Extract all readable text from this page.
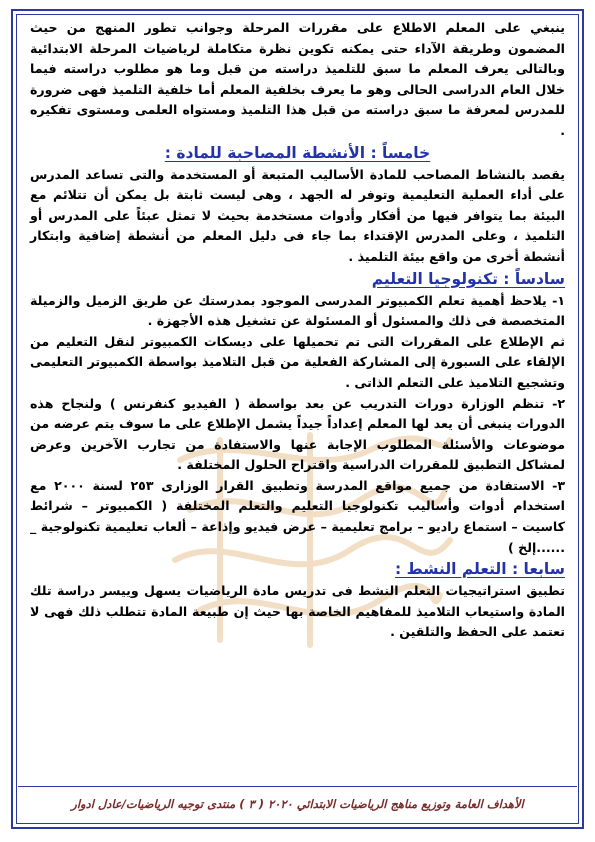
ينبغي على المعلم الاطلاع على مقررات المرحلة وجوانب تطور المنهج من حيث المضمون وطريقة الآداء حتى يمكنه تكوين نظرة متكاملة لرياضيات المرحلة الابتدائية وبالتالى يعرف المعلم ما سبق للتلميذ دراسته من قبل وما هو مطلوب دراسته فيما خلال العام الدراسى الحالى وهو ما يعرف بخلفية المعلم أما خلفية التلميذ فهى ضرورة للمدرس لمعرفة ما سبق دراسته من قبل هذا التلميذ ومستواه العلمى ومستوى تفكيره .

خامساً : الأنشطة المصاحبة للمادة :

يقصد بالنشاط المصاحب للمادة الأساليب المتبعة أو المستخدمة والتى تساعد المدرس على أداء العملية التعليمية وتوفر له الجهد ، وهى ليست ثابتة بل يمكن أن تتلائم مع البيئة بما يتوافر فيها من أفكار وأدوات مستخدمة بحيث لا تمثل عبئاً على المدرس أو التلميذ ، وعلى المدرس الإقتداء بما جاء فى دليل المعلم من أنشطة إضافية وابتكار أنشطة أخرى من واقع بيئة التلميذ .

سادساً : تكنولوجيا التعليم

١- يلاحظ أهمية تعلم الكمبيوتر المدرسى الموجود بمدرستك عن طريق الزميل والزميلة المتخصصة فى ذلك والمسئول أو المسئولة عن تشغيل هذه الأجهزة .

ثم الإطلاع على المقررات التى تم تحميلها على ديسكات الكمبيوتر لنقل التعليم من الإلقاء على السبورة إلى المشاركة الفعلية من قبل التلاميذ بواسطة الكمبيوتر التعليمى وتشجيع التلاميذ على التعلم الذاتى .

٢- تنظم الوزارة دورات التدريب عن بعد بواسطة ( الفيديو كنفرنس ) ولنجاح هذه الدورات ينبغى أن يعد لها المعلم إعداداً جيداً يشمل الإطلاع على ما سوف يتم عرضه من موضوعات والأسئلة المطلوب الإجابة عنها والاستفادة من تجارب الآخرين وعرض لمشاكل التطبيق للمقررات الدراسية واقتراح الحلول المختلفة .

٣- الاستفادة من جميع مواقع المدرسة وتطبيق القرار الوزارى ٢٥٣ لسنة ٢٠٠٠ مع استخدام أدوات وأساليب تكنولوجيا التعليم والتعلم المختلفة ( الكمبيوتر – شرائط كاسيت – استماع راديو – برامج تعليمية – عرض فيديو وإذاعة – ألعاب تعليمية تكنولوجية _ ......إلخ )

سابعا : التعلم النشط :

تطبيق استراتيجيات التعلم النشط فى تدريس مادة الرياضيات يسهل وييسر دراسة تلك المادة واستيعاب التلاميذ للمفاهيم الخاصة بها حيث إن طبيعة المادة تتطلب ذلك فهى لا تعتمد على الحفظ والتلقين .

الأهداف العامة وتوزيع مناهج الرياضيات الابتدائي ٢٠٢٠ ( ٣ ) منتدى توجيه الرياضيات/عادل ادوار
